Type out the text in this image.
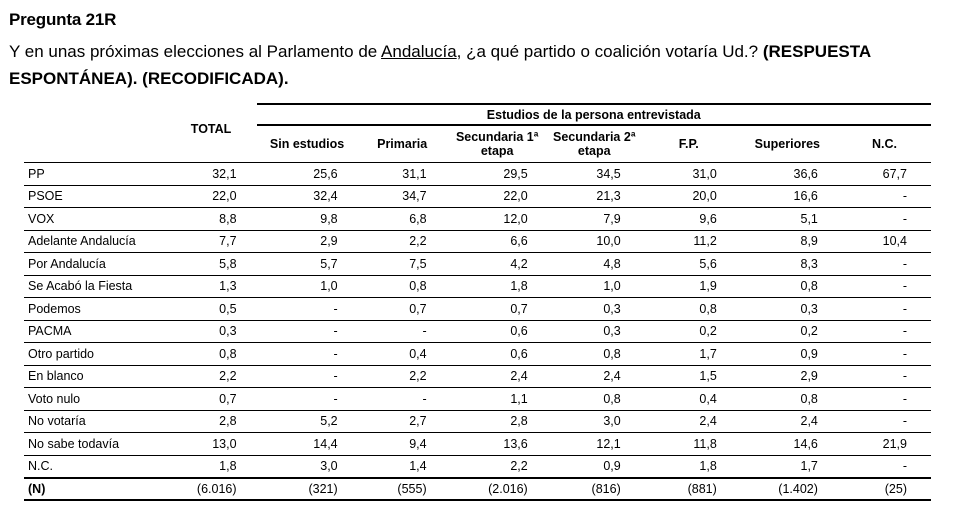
Pregunta 21R
Y en unas próximas elecciones al Parlamento de Andalucía, ¿a qué partido o coalición votaría Ud.? (RESPUESTA ESPONTÁNEA). (RECODIFICADA).
	TOTAL	Estudios de la persona entrevistada						
		Sin estudios	Primaria	Secundaria 1ª
etapa	Secundaria 2ª
etapa	F.P.	Superiores	N.C.
PP	32,1	25,6	31,1	29,5	34,5	31,0	36,6	67,7
PSOE	22,0	32,4	34,7	22,0	21,3	20,0	16,6	-
VOX	8,8	9,8	6,8	12,0	7,9	9,6	5,1	-
Adelante Andalucía	7,7	2,9	2,2	6,6	10,0	11,2	8,9	10,4
Por Andalucía	5,8	5,7	7,5	4,2	4,8	5,6	8,3	-
Se Acabó la Fiesta	1,3	1,0	0,8	1,8	1,0	1,9	0,8	-
Podemos	0,5	-	0,7	0,7	0,3	0,8	0,3	-
PACMA	0,3	-	-	0,6	0,3	0,2	0,2	-
Otro partido	0,8	-	0,4	0,6	0,8	1,7	0,9	-
En blanco	2,2	-	2,2	2,4	2,4	1,5	2,9	-
Voto nulo	0,7	-	-	1,1	0,8	0,4	0,8	-
No votaría	2,8	5,2	2,7	2,8	3,0	2,4	2,4	-
No sabe todavía	13,0	14,4	9,4	13,6	12,1	11,8	14,6	21,9
N.C.	1,8	3,0	1,4	2,2	0,9	1,8	1,7	-
(N)	(6.016)	(321)	(555)	(2.016)	(816)	(881)	(1.402)	(25)
